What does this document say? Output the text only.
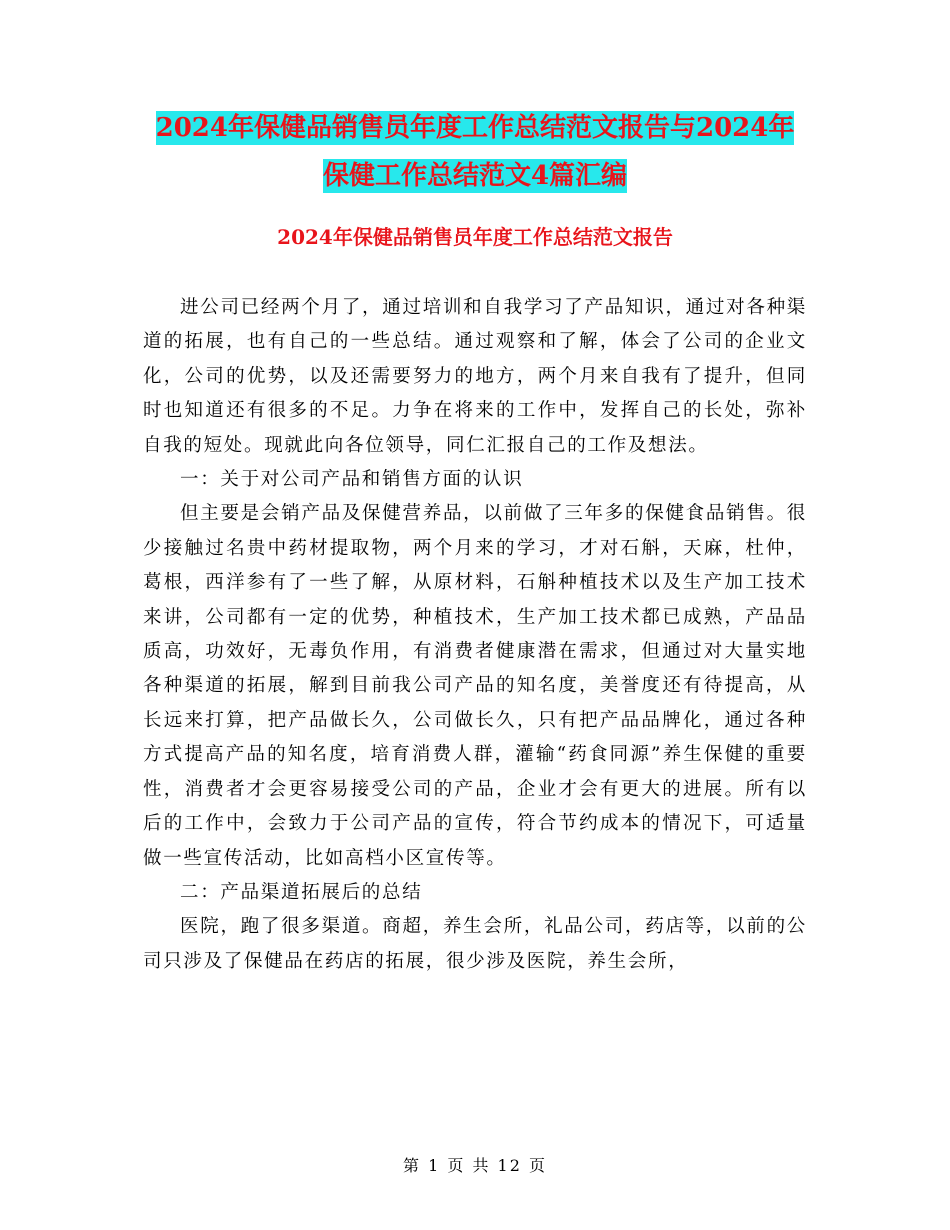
2024年保健品销售员年度工作总结范文报告与2024年
保健工作总结范文4篇汇编
2024年保健品销售员年度工作总结范文报告

进公司已经两个月了，通过培训和自我学习了产品知识，通过对各种渠道的拓展，也有自己的一些总结。通过观察和了解，体会了公司的企业文化，公司的优势，以及还需要努力的地方，两个月来自我有了提升，但同时也知道还有很多的不足。力争在将来的工作中，发挥自己的长处，弥补自我的短处。现就此向各位领导，同仁汇报自己的工作及想法。

一：关于对公司产品和销售方面的认识

但主要是会销产品及保健营养品，以前做了三年多的保健食品销售。很少接触过名贵中药材提取物，两个月来的学习，才对石斛，天麻，杜仲，葛根，西洋参有了一些了解，从原材料，石斛种植技术以及生产加工技术来讲，公司都有一定的优势，种植技术，生产加工技术都已成熟，产品品质高，功效好，无毒负作用，有消费者健康潜在需求，但通过对大量实地各种渠道的拓展，解到目前我公司产品的知名度，美誉度还有待提高，从长远来打算，把产品做长久，公司做长久，只有把产品品牌化，通过各种方式提高产品的知名度，培育消费人群，灌输“药食同源”养生保健的重要性，消费者才会更容易接受公司的产品，企业才会有更大的进展。所有以后的工作中，会致力于公司产品的宣传，符合节约成本的情况下，可适量做一些宣传活动，比如高档小区宣传等。

二：产品渠道拓展后的总结

医院，跑了很多渠道。商超，养生会所，礼品公司，药店等，以前的公司只涉及了保健品在药店的拓展，很少涉及医院，养生会所，

第 1 页 共 12 页
